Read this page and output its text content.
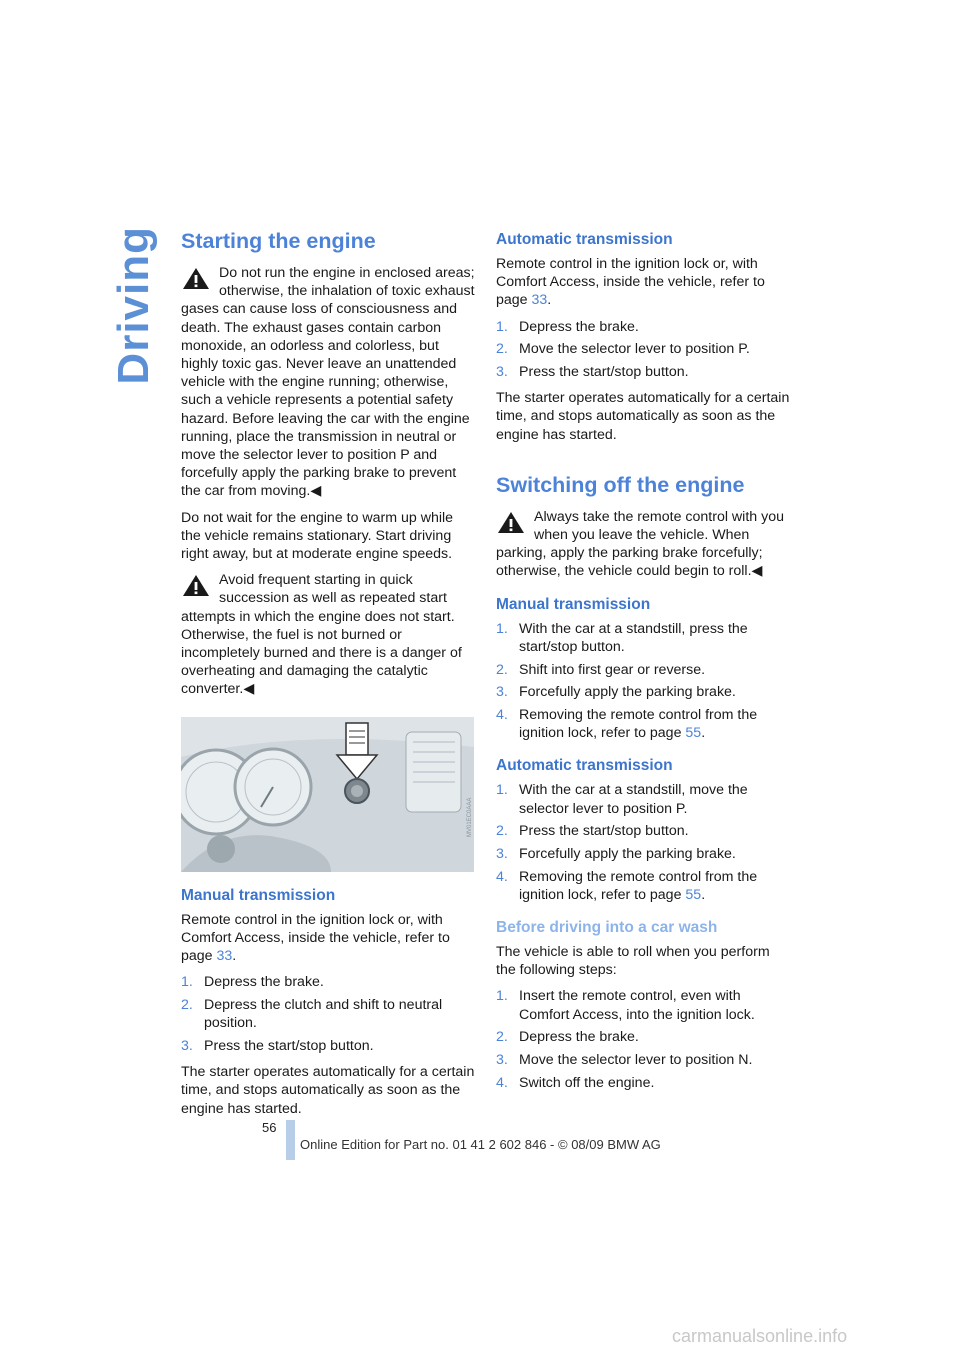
Driving Starting the engine
Do not run the engine in enclosed areas; otherwise, the inhalation of toxic exhaust gases can cause loss of consciousness and death. The exhaust gases contain carbon monoxide, an odorless and colorless, but highly toxic gas. Never leave an unattended vehicle with the engine running; otherwise, such a vehicle represents a potential safety hazard. Before leaving the car with the engine running, place the transmission in neutral or move the selector lever to position P and forcefully apply the parking brake to prevent the car from moving.◀

Do not wait for the engine to warm up while the vehicle remains stationary. Start driving right away, but at moderate engine speeds.

Avoid frequent starting in quick succession as well as repeated start attempts in which the engine does not start. Otherwise, the fuel is not burned or incompletely burned and there is a danger of overheating and damaging the catalytic converter.◀
MV01EC0AAA
Manual transmission

Remote control in the ignition lock or, with Comfort Access, inside the vehicle, refer to page 33.

1. Depress the brake.
2. Depress the clutch and shift to neutral position.
3. Press the start/stop button.

The starter operates automatically for a certain time, and stops automatically as soon as the engine has started.

Automatic transmission

Remote control in the ignition lock or, with Comfort Access, inside the vehicle, refer to page 33.

1. Depress the brake.
2. Move the selector lever to position P.
3. Press the start/stop button.

The starter operates automatically for a certain time, and stops automatically as soon as the engine has started.

Switching off the engine
Always take the remote control with you when you leave the vehicle. When parking, apply the parking brake forcefully; otherwise, the vehicle could begin to roll.◀
Manual transmission
1. With the car at a standstill, press the start/stop button.
2. Shift into first gear or reverse.
3. Forcefully apply the parking brake.
4. Removing the remote control from the ignition lock, refer to page 55.
Automatic transmission
1. With the car at a standstill, move the selector lever to position P.
2. Press the start/stop button.
3. Forcefully apply the parking brake.
4. Removing the remote control from the ignition lock, refer to page 55.
Before driving into a car wash

The vehicle is able to roll when you perform the following steps:

1. Insert the remote control, even with Comfort Access, into the ignition lock.
2. Depress the brake.
3. Move the selector lever to position N.
4. Switch off the engine.
56
Online Edition for Part no. 01 41 2 602 846 - © 08/09 BMW AG
carmanualsonline.info
